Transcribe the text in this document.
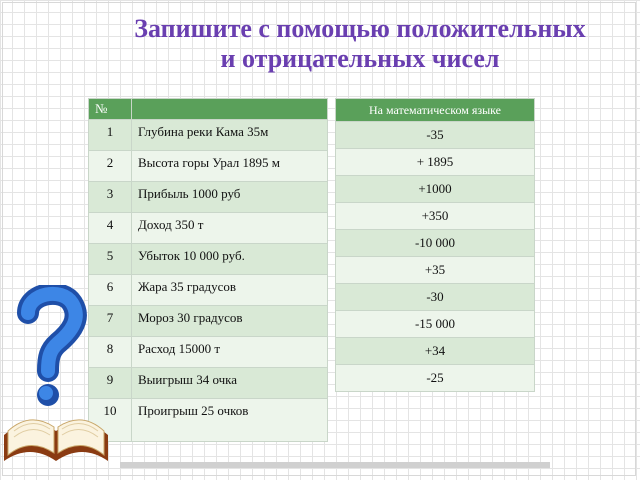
Запишите с помощью положительных
и отрицательных чисел
№	
1	Глубина реки Кама 35м
2	Высота горы Урал 1895 м
3	Прибыль 1000 руб
4	Доход 350 т
5	Убыток 10 000 руб.
6	Жара 35 градусов
7	Мороз 30 градусов
8	Расход 15000 т
9	Выигрыш 34 очка
10	Проигрыш 25 очков
На математическом языке
-35
+ 1895
+1000
+350
-10 000
+35
-30
-15 000
+34
-25
